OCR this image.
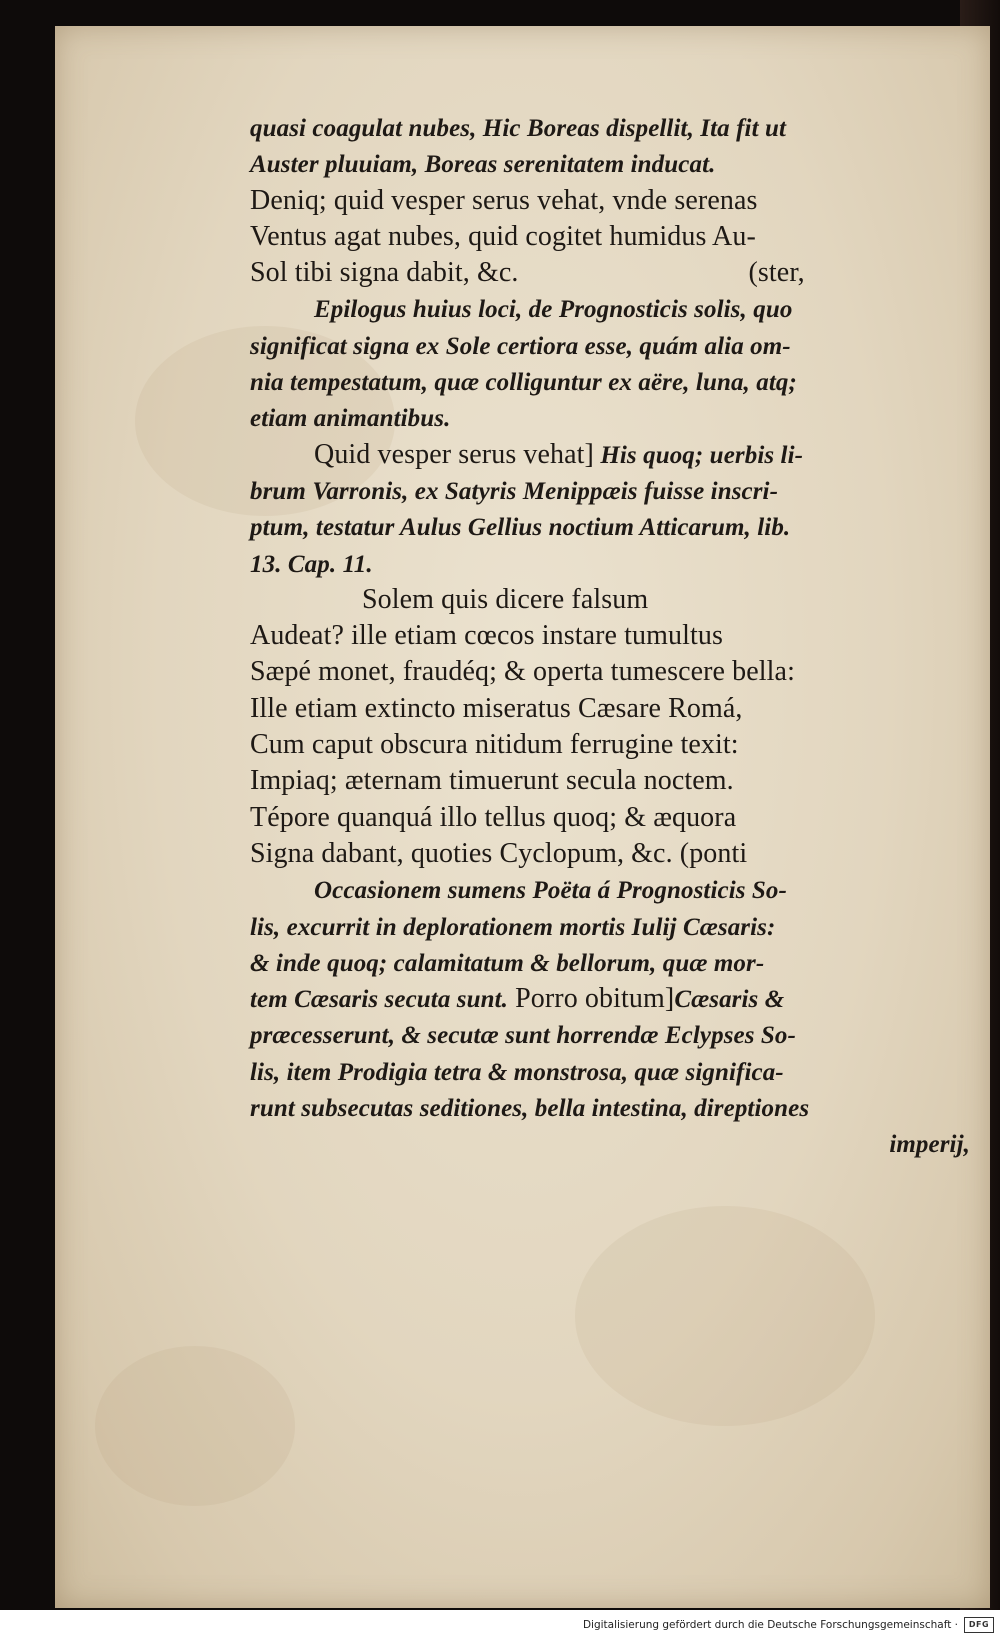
quasi coagulat nubes, Hic Boreas dispellit, Ita fit ut
Auster pluuiam, Boreas serenitatem inducat.
Deniq; quid vesper serus vehat, vnde serenas
Ventus agat nubes, quid cogitet humidus Au-
Sol tibi signa dabit, &c.	(ster,
Epilogus huius loci, de Prognosticis solis, quo
significat signa ex Sole certiora esse, quám alia om-
nia tempestatum, quæ colliguntur ex aëre, luna, atq;
etiam animantibus.
Quid vesper serus vehat] His quoq; uerbis li-
brum Varronis, ex Satyris Menippæis fuisse inscri-
ptum, testatur Aulus Gellius noctium Atticarum, lib.
13. Cap. 11.
Solem quis dicere falsum
Audeat? ille etiam cœcos instare tumultus
Sæpé monet, fraudéq; & operta tumescere bella:
Ille etiam extincto miseratus Cæsare Romá,
Cum caput obscura nitidum ferrugine texit:
Impiaq; æternam timuerunt secula noctem.
Tépore quanquá illo tellus quoq; & æquora
Signa dabant, quoties Cyclopum, &c. (ponti
Occasionem sumens Poëta á Prognosticis So-
lis, excurrit in deplorationem mortis Iulij Cæsaris:
& inde quoq; calamitatum & bellorum, quæ mor-
tem Cæsaris secuta sunt. Porro obitum]Cæsaris &
præcesserunt, & secutæ sunt horrendæ Eclypses So-
lis, item Prodigia tetra & monstrosa, quæ significa-
runt subsecutas seditiones, bella intestina, direptiones
imperij,
Digitalisierung gefördert durch die Deutsche Forschungsgemeinschaft ·	DFG
